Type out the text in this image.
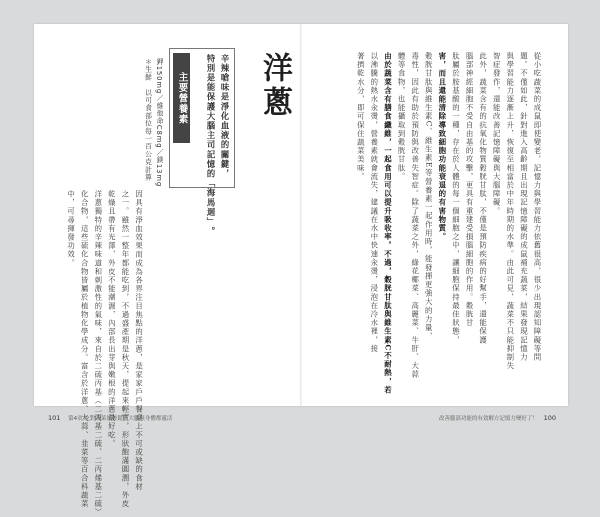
從小吃蔬菜的成鼠即使變老，記憶力與學習能力依舊很高，很少出現認知障礙等問
題。不僅如此，針對進入高齡期且出現記憶障礙的成鼠補充蔬菜，結果發現記憶力
與學習能力逐漸上升，恢復至相當於中年時期的水準。由此可見，蔬菜不只能抑制失
智症發作，還能改善記憶障礙與大腦障礙。
此外，蔬菜含有的抗氧化物質穀胱甘肽，不僅是預防疾病的好幫手，還能保護
腦部神經細胞不受自由基的攻擊，更具有重建受損腦細胞的作用。穀胱甘
肽屬於胺基酸的一種，存在於人體的每一個細胞之中，讓細胞保持最佳狀態，
害，而且還能清除導致細胞功能衰退的有害物質。
穀胱甘肽與維生素C、維生素E等營養素一起作用時，能發揮更強大的力量，
毒性，因此有助於預防與改善失智症。除了蔬菜之外，綠花椰菜、高麗菜、牛肝、大蒜
體等食物，也能攝取到穀胱甘肽。
由於蔬菜含有膳食纖維，一起食用可以提升吸收率。不過，穀胱甘肽與維生素C不耐熱，若
以沸騰的熱水汆燙，營養素就會流失，建議在水中快速汆燙，浸泡在冷水裡，接
著擠乾水分，即可保住蔬菜美味。
洋蔥
辛辣嗆味是淨化血液的關鍵，
特別是能保護大腦主司記憶的「海馬迴」。
主要營養素
鉀150mg／維他命C8mg／鎂13mg
＊生鮮　以可食部位每一百公克計算
因具有淨血效果而成為各界注目焦點的洋蔥，是家家戶戶餐桌上不可或缺的食材
之一。雖然一整年都能吃到，不過盛產期是秋天，提起來輕實，形狀飽滿圓潤，外皮
乾燥且帶有光澤，外皮不能潮濕，內部長出芽與嫩根的洋蔥最好吃。
洋蔥獨特的辛辣味道和刺激性的氣味，來自於二硫丙基（二丙基二硫、二丙烯基二硫）
化合物，這些硫化合物皆屬於植物化學成分。富含於洋蔥、大蒜、韭菜等百合科蔬菜
中，可尋揮發功效。
101 第4章 吃對蔬菜好輕鬆，大腦與身體都靈活	改善腦部功能的有效解方記憶力變好了！ 100
